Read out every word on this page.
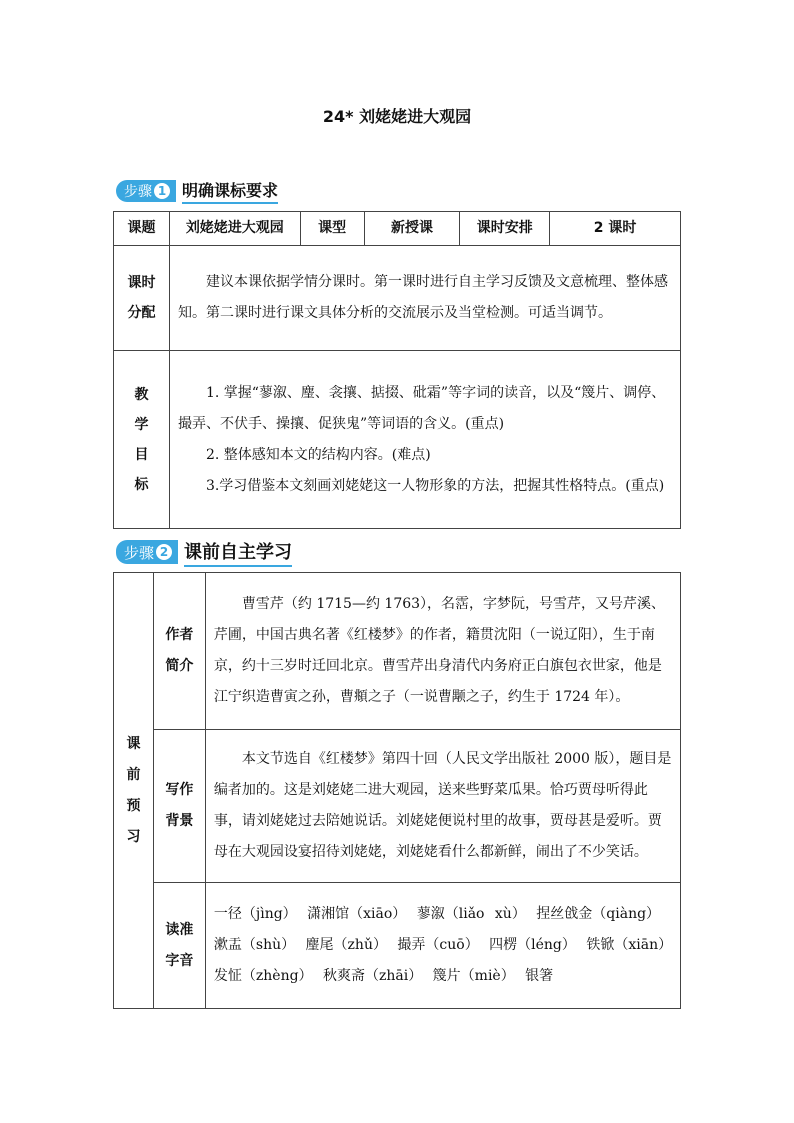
24* 刘姥姥进大观园
步骤 1 明确课标要求
课题	刘姥姥进大观园	课型	新授课	课时安排	2 课时

课时分配	建议本课依据学情分课时。第一课时进行自主学习反馈及文意梳理、整体感知。第二课时进行课文具体分析的交流展示及当堂检测。可适当调节。				

教学目标	1. 掌握“蓼溆、麈、衾攘、掂掇、砒霜”等字词的读音，以及“篾片、调停、撮弄、不伏手、操攘、促狭鬼”等词语的含义。(重点)

2. 整体感知本文的结构内容。(难点)

3.学习借鉴本文刻画刘姥姥这一人物形象的方法，把握其性格特点。(重点)				

步骤 2 课前自主学习
课前预习	作者简介	曹雪芹（约 1715—约 1763），名霑，字梦阮，号雪芹，又号芹溪、芹圃，中国古典名著《红楼梦》的作者，籍贯沈阳（一说辽阳），生于南京，约十三岁时迁回北京。曹雪芹出身清代内务府正白旗包衣世家，他是江宁织造曹寅之孙，曹頫之子（一说曹颙之子，约生于 1724 年）。

	写作背景	本文节选自《红楼梦》第四十回（人民文学出版社 2000 版），题目是编者加的。这是刘姥姥二进大观园，送来些野菜瓜果。恰巧贾母听得此事，请刘姥姥过去陪她说话。刘姥姥便说村里的故事，贾母甚是爱听。贾母在大观园设宴招待刘姥姥，刘姥姥看什么都新鲜，闹出了不少笑话。

	读准字音	一径（jìng） 潇湘馆（xiāo） 蓼溆（liǎo xù） 捏丝戗金（qiàng） 漱盂（shù） 麈尾（zhǔ） 撮弄（cuō） 四楞（léng） 铁锨（xiān） 发怔（zhèng） 秋爽斋（zhāi） 篾片（miè） 银箸
